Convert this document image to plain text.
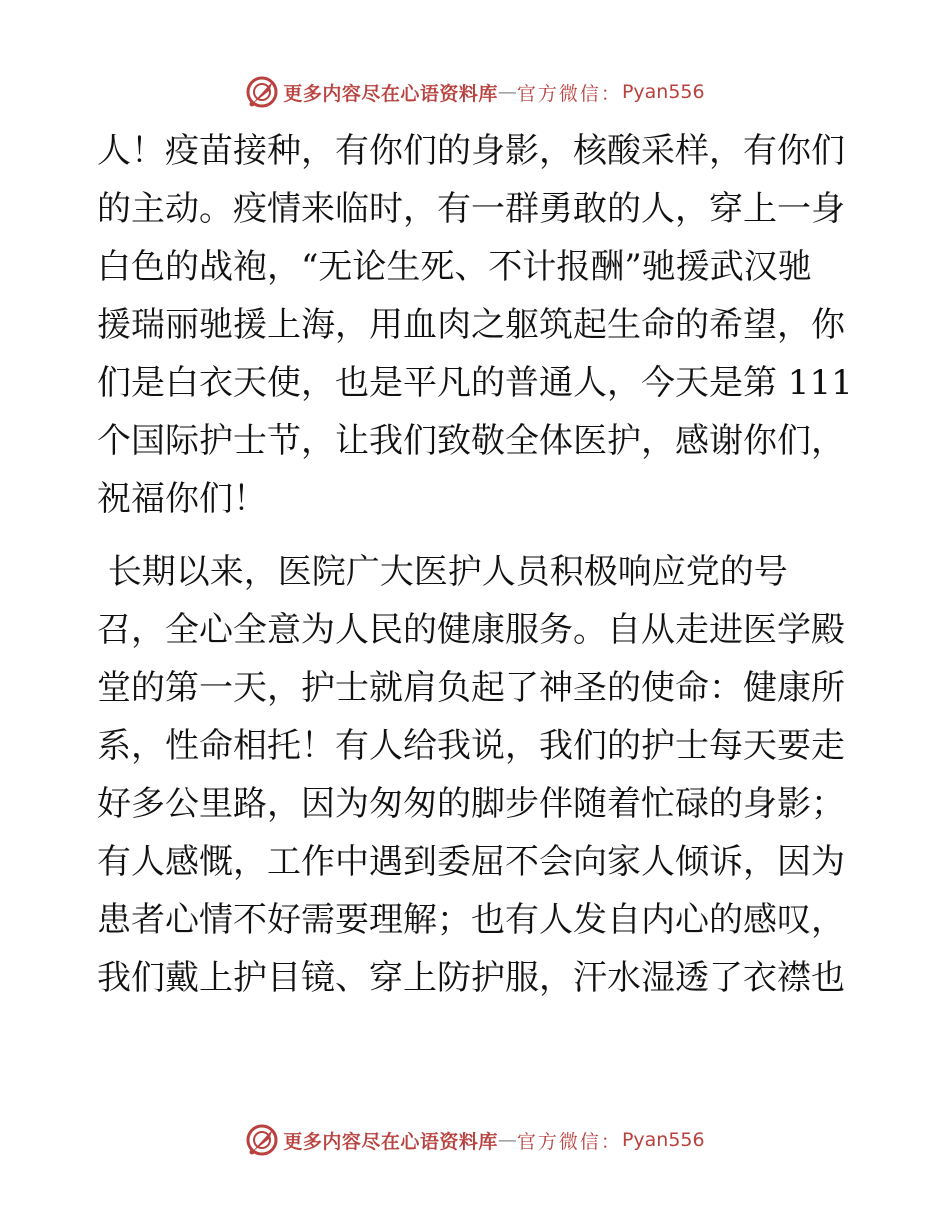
更多内容尽在心语资料库 — 官方微信： Pyan556
人！疫苗接种，有你们的身影，核酸采样，有你们
的主动。疫情来临时，有一群勇敢的人，穿上一身
白色的战袍，“无论生死、不计报酬”驰援武汉驰
援瑞丽驰援上海，用血肉之躯筑起生命的希望，你
们是白衣天使，也是平凡的普通人，今天是第 111
个国际护士节，让我们致敬全体医护，感谢你们，
祝福你们！
长期以来，医院广大医护人员积极响应党的号
召，全心全意为人民的健康服务。自从走进医学殿
堂的第一天，护士就肩负起了神圣的使命：健康所
系，性命相托！有人给我说，我们的护士每天要走
好多公里路，因为匆匆的脚步伴随着忙碌的身影；
有人感慨，工作中遇到委屈不会向家人倾诉，因为
患者心情不好需要理解；也有人发自内心的感叹，
我们戴上护目镜、穿上防护服，汗水湿透了衣襟也
更多内容尽在心语资料库 — 官方微信： Pyan556
